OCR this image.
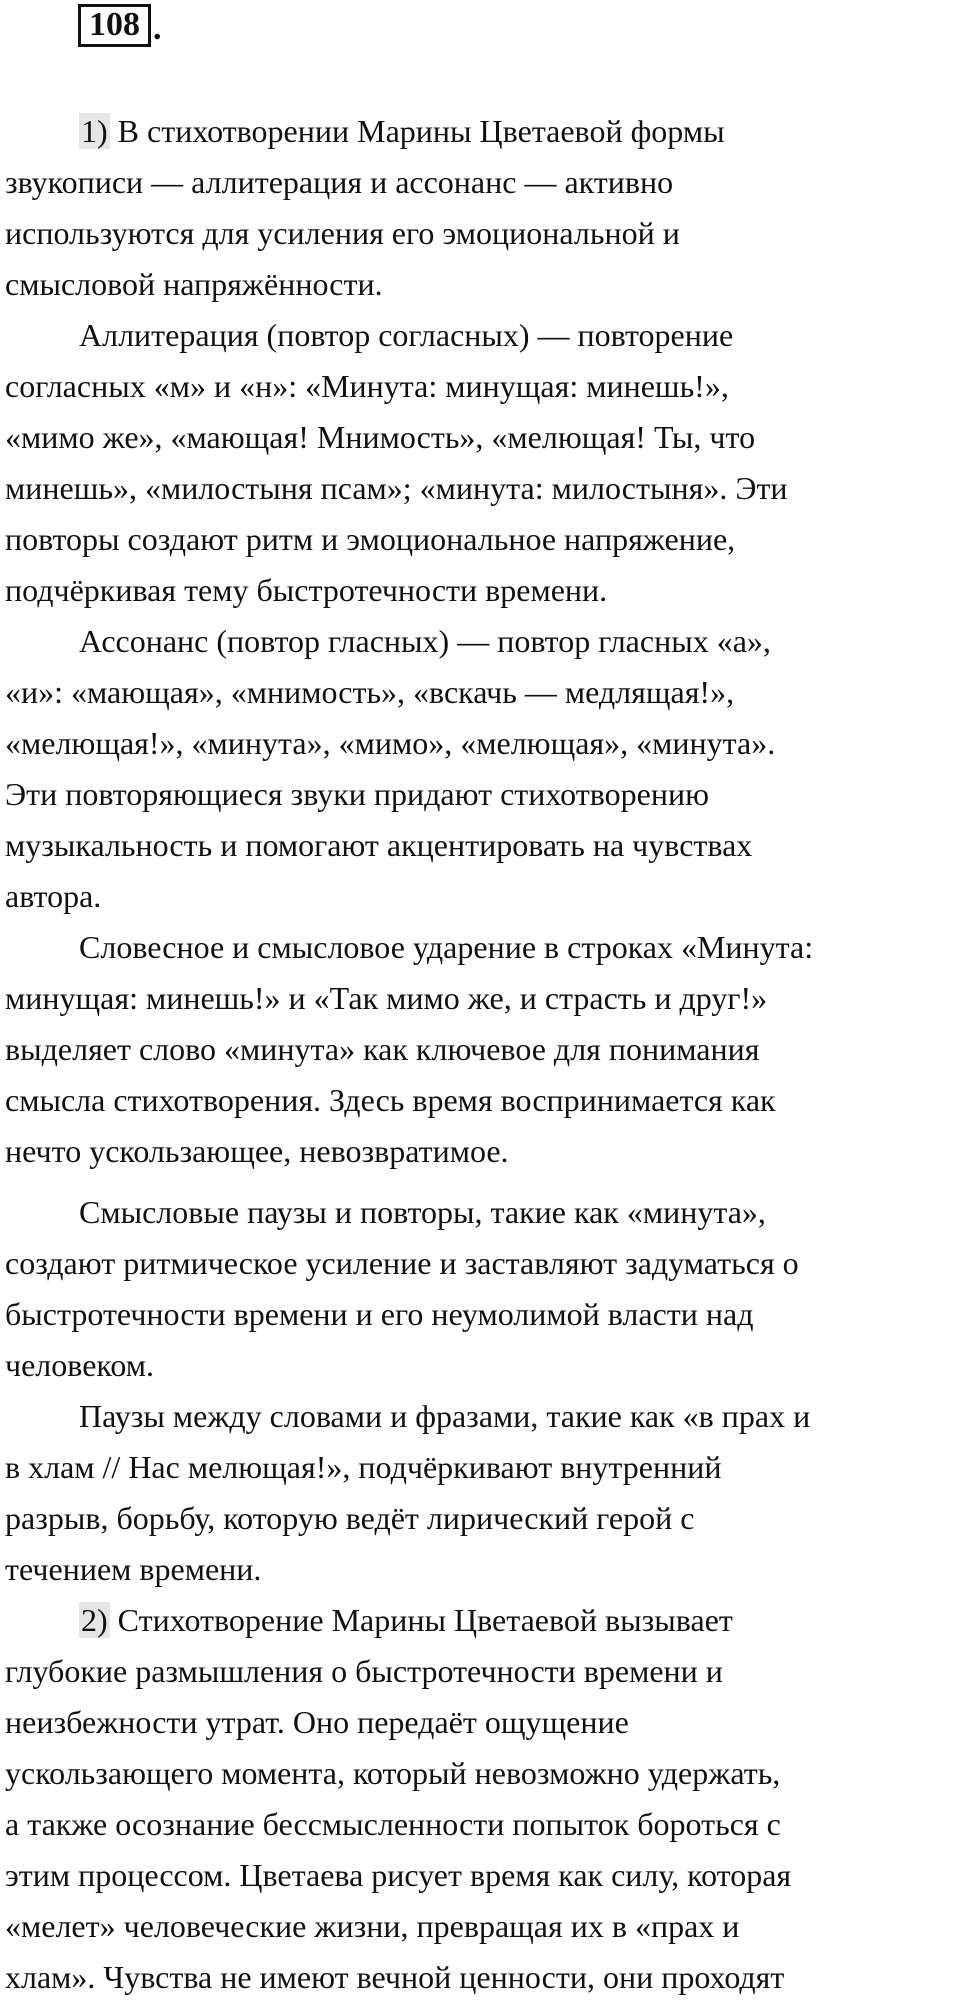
108 .

1) В стихотворении Марины Цветаевой формы
звукописи — аллитерация и ассонанс — активно
используются для усиления его эмоциональной и
смысловой напряжённости.

Аллитерация (повтор согласных) — повторение
согласных «м» и «н»: «Минута: минущая: минешь!»,
«мимо же», «мающая! Мнимость», «мелющая! Ты, что
минешь», «милостыня псам»; «минута: милостыня». Эти
повторы создают ритм и эмоциональное напряжение,
подчёркивая тему быстротечности времени.

Ассонанс (повтор гласных) — повтор гласных «а»,
«и»: «мающая», «мнимость», «вскачь — медлящая!»,
«мелющая!», «минута», «мимо», «мелющая», «минута».
Эти повторяющиеся звуки придают стихотворению
музыкальность и помогают акцентировать на чувствах
автора.

Словесное и смысловое ударение в строках «Минута:
минущая: минешь!» и «Так мимо же, и страсть и друг!»
выделяет слово «минута» как ключевое для понимания
смысла стихотворения. Здесь время воспринимается как
нечто ускользающее, невозвратимое.

Смысловые паузы и повторы, такие как «минута»,
создают ритмическое усиление и заставляют задуматься о
быстротечности времени и его неумолимой власти над
человеком.

Паузы между словами и фразами, такие как «в прах и
в хлам // Нас мелющая!», подчёркивают внутренний
разрыв, борьбу, которую ведёт лирический герой с
течением времени.

2) Стихотворение Марины Цветаевой вызывает
глубокие размышления о быстротечности времени и
неизбежности утрат. Оно передаёт ощущение
ускользающего момента, который невозможно удержать,
а также осознание бессмысленности попыток бороться с
этим процессом. Цветаева рисует время как силу, которая
«мелет» человеческие жизни, превращая их в «прах и
хлам». Чувства не имеют вечной ценности, они проходят
